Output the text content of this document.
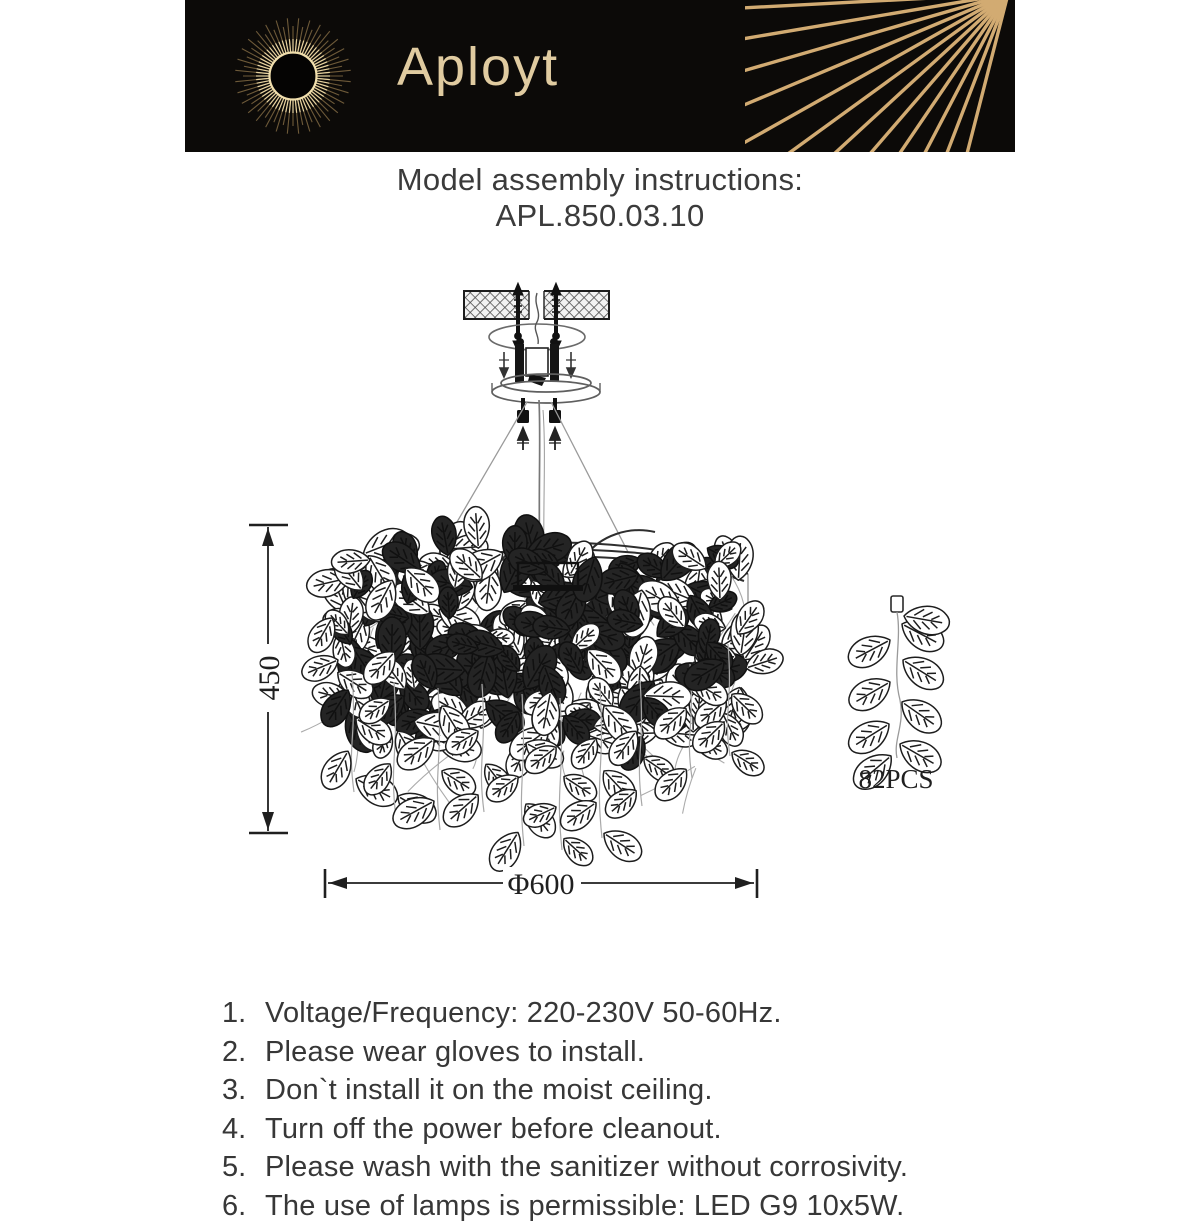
Aployt
Model assembly instructions:
APL.850.03.10
450
Φ600
82PCS
1. Voltage/Frequency: 220-230V 50-60Hz.
2. Please wear gloves to install.
3. Don`t install it on the moist ceiling.
4. Turn off the power before cleanout.
5. Please wash with the sanitizer without corrosivity.
6. The use of lamps is permissible: LED G9 10x5W.
